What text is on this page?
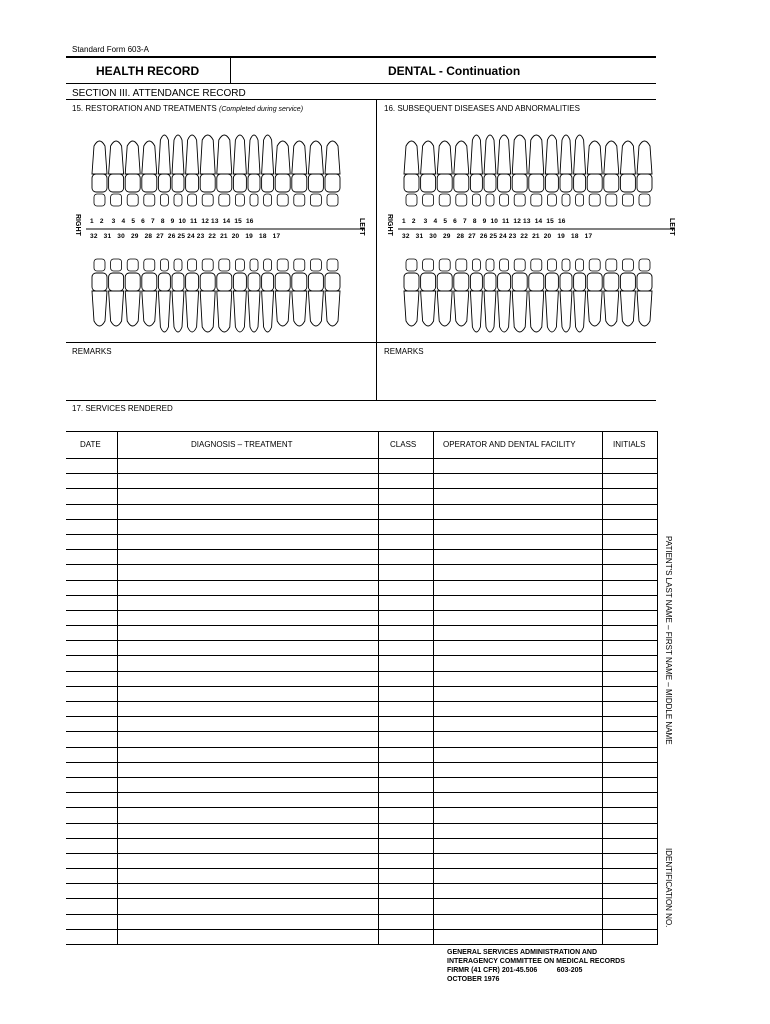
Standard Form 603-A
HEALTH RECORD	DENTAL - Continuation
SECTION III. ATTENDANCE RECORD
15. RESTORATION AND TREATMENTS (Completed during service)	16. SUBSEQUENT DISEASES AND ABNORMALITIES
RIGHT	LEFT
1   2    3   4   5   6   7   8   9  10  11  12 13  14  15  16
32   31   30   29   28  27  26 25 24 23  22  21  20   19   18   17
RIGHT	LEFT
1   2    3   4   5   6   7   8   9  10  11  12 13  14  15  16
32   31   30   29   28  27  26 25 24 23  22  21  20   19   18   17
REMARKS	REMARKS
17. SERVICES RENDERED
DATE	DIAGNOSIS – TREATMENT	CLASS	OPERATOR AND DENTAL FACILITY	INITIALS
PATIENT'S LAST NAME – FIRST NAME – MIDDLE NAME
IDENTIFICATION NO.
GENERAL SERVICES ADMINISTRATION AND
INTERAGENCY COMMITTEE ON MEDICAL RECORDS
FIRMR (41 CFR) 201-45.506	603-205
OCTOBER 1976
